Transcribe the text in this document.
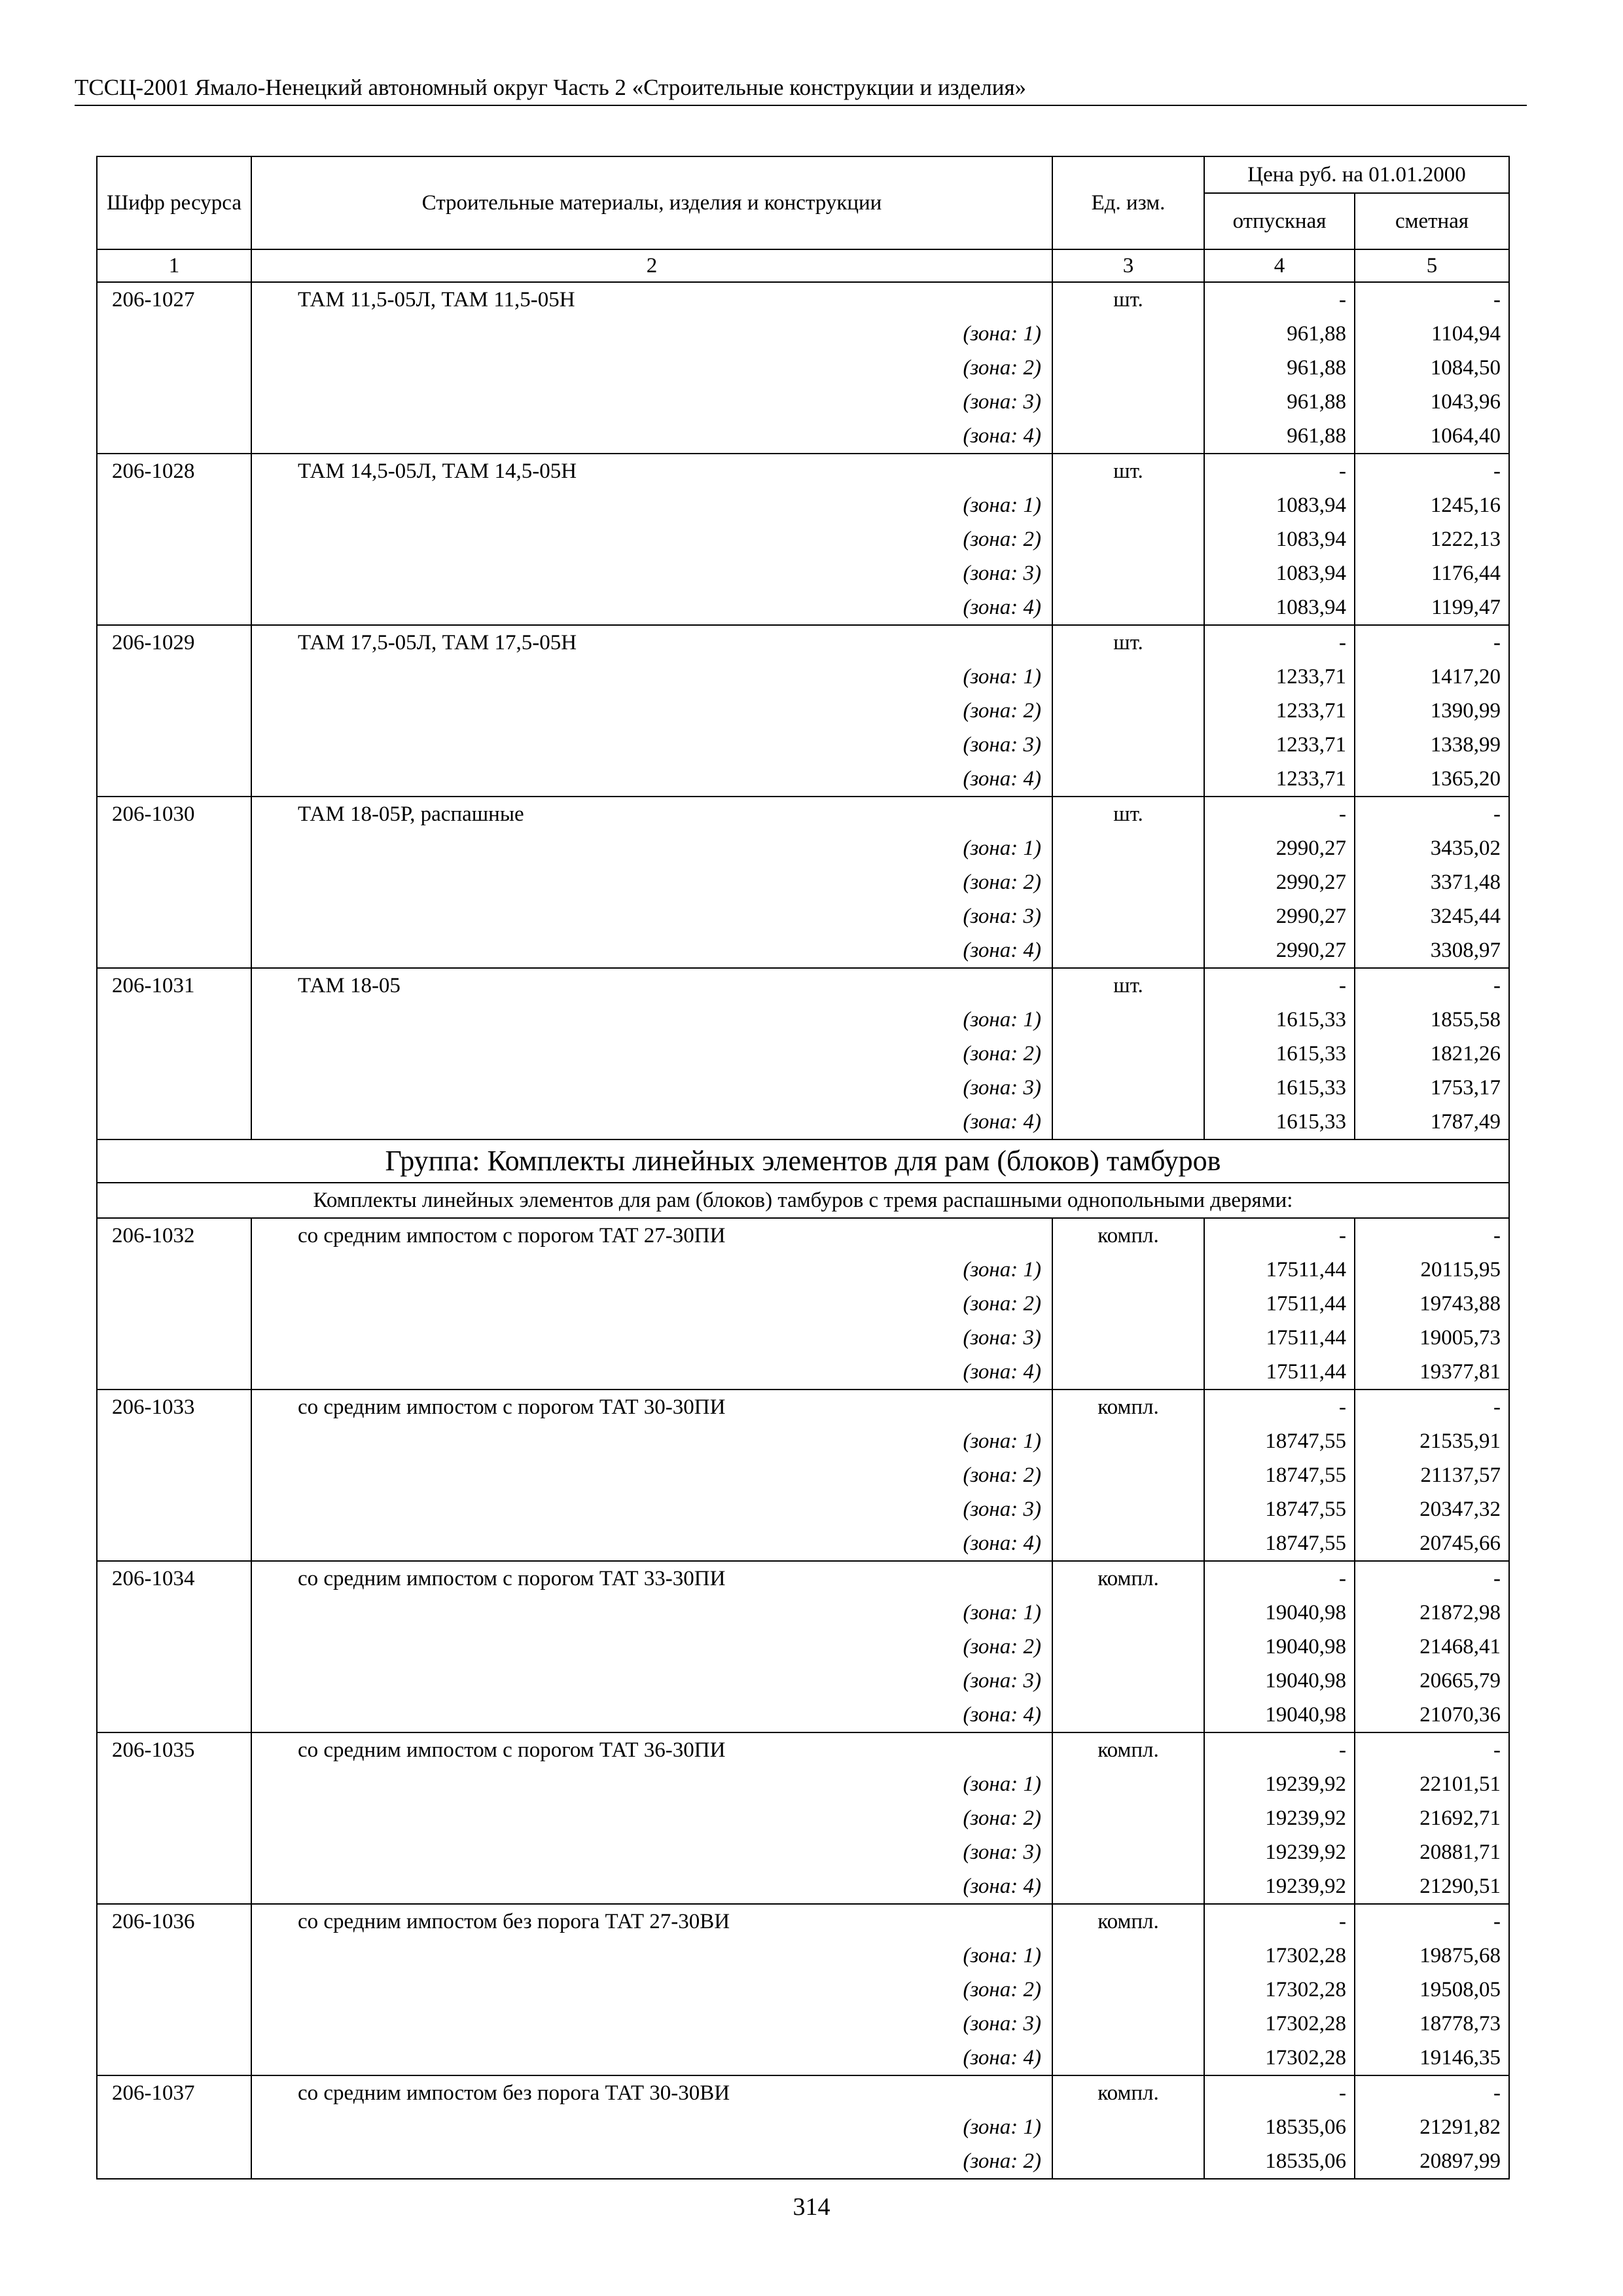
ТССЦ-2001 Ямало-Ненецкий автономный округ Часть 2 «Строительные конструкции и изделия»
Шифр ресурса	Строительные материалы, изделия и конструкции	Ед. изм.	Цена руб. на 01.01.2000	
			отпускная	сметная
1	2	3	4	5
206-1027	ТАМ 11,5-05Л, ТАМ 11,5-05Н	шт.	-	-
	(зона: 1)		961,88	1104,94
	(зона: 2)		961,88	1084,50
	(зона: 3)		961,88	1043,96
	(зона: 4)		961,88	1064,40
206-1028	ТАМ 14,5-05Л, ТАМ 14,5-05Н	шт.	-	-
	(зона: 1)		1083,94	1245,16
	(зона: 2)		1083,94	1222,13
	(зона: 3)		1083,94	1176,44
	(зона: 4)		1083,94	1199,47
206-1029	ТАМ 17,5-05Л, ТАМ 17,5-05Н	шт.	-	-
	(зона: 1)		1233,71	1417,20
	(зона: 2)		1233,71	1390,99
	(зона: 3)		1233,71	1338,99
	(зона: 4)		1233,71	1365,20
206-1030	ТАМ 18-05Р, распашные	шт.	-	-
	(зона: 1)		2990,27	3435,02
	(зона: 2)		2990,27	3371,48
	(зона: 3)		2990,27	3245,44
	(зона: 4)		2990,27	3308,97
206-1031	ТАМ 18-05	шт.	-	-
	(зона: 1)		1615,33	1855,58
	(зона: 2)		1615,33	1821,26
	(зона: 3)		1615,33	1753,17
	(зона: 4)		1615,33	1787,49
Группа: Комплекты линейных элементов для рам (блоков) тамбуров				
Комплекты линейных элементов для рам (блоков) тамбуров с тремя распашными однопольными дверями:				
206-1032	со средним импостом с порогом ТАТ 27-30ПИ	компл.	-	-
	(зона: 1)		17511,44	20115,95
	(зона: 2)		17511,44	19743,88
	(зона: 3)		17511,44	19005,73
	(зона: 4)		17511,44	19377,81
206-1033	со средним импостом с порогом ТАТ 30-30ПИ	компл.	-	-
	(зона: 1)		18747,55	21535,91
	(зона: 2)		18747,55	21137,57
	(зона: 3)		18747,55	20347,32
	(зона: 4)		18747,55	20745,66
206-1034	со средним импостом с порогом ТАТ 33-30ПИ	компл.	-	-
	(зона: 1)		19040,98	21872,98
	(зона: 2)		19040,98	21468,41
	(зона: 3)		19040,98	20665,79
	(зона: 4)		19040,98	21070,36
206-1035	со средним импостом с порогом ТАТ 36-30ПИ	компл.	-	-
	(зона: 1)		19239,92	22101,51
	(зона: 2)		19239,92	21692,71
	(зона: 3)		19239,92	20881,71
	(зона: 4)		19239,92	21290,51
206-1036	со средним импостом без порога ТАТ 27-30ВИ	компл.	-	-
	(зона: 1)		17302,28	19875,68
	(зона: 2)		17302,28	19508,05
	(зона: 3)		17302,28	18778,73
	(зона: 4)		17302,28	19146,35
206-1037	со средним импостом без порога ТАТ 30-30ВИ	компл.	-	-
	(зона: 1)		18535,06	21291,82
	(зона: 2)		18535,06	20897,99
314
